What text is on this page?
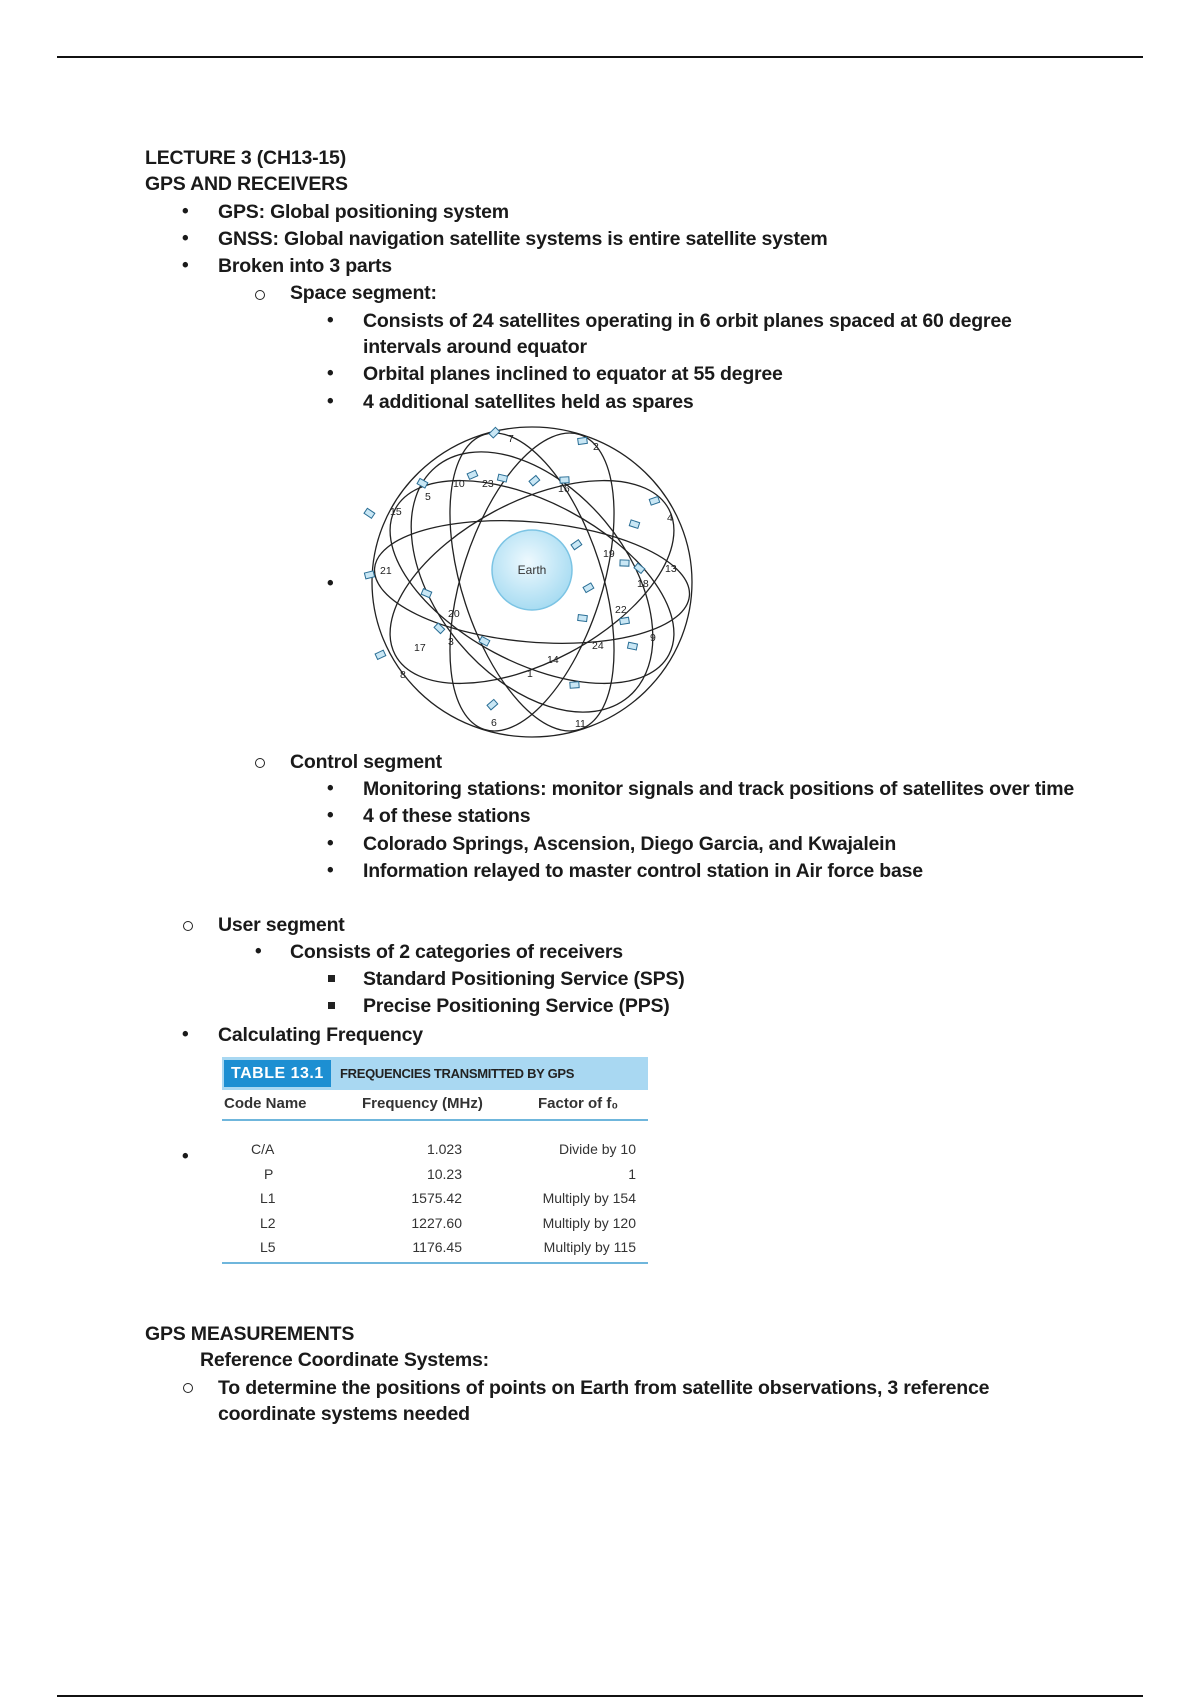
LECTURE 3 (CH13-15)
GPS AND RECEIVERS
• GPS: Global positioning system
• GNSS: Global navigation satellite systems is entire satellite system
• Broken into 3 parts
Space segment:
• Consists of 24 satellites operating in 6 orbit planes spaced at 60 degree
intervals around equator
• Orbital planes inclined to equator at 55 degree
• 4 additional satellites held as spares
•
Earth
7
2
10 23	16
5
15	4
19
21	13
18
22
20
3	24
9
17
14
8	1
6	11
Control segment
• Monitoring stations: monitor signals and track positions of satellites over time
• 4 of these stations
• Colorado Springs, Ascension, Diego Garcia, and Kwajalein
• Information relayed to master control station in Air force base
User segment
• Consists of 2 categories of receivers
Standard Positioning Service (SPS)
Precise Positioning Service (PPS)
• Calculating Frequency
•
TABLE 13.1	FREQUENCIES TRANSMITTED BY GPS
Code Name	Frequency (MHz)	Factor of f₀
C/A	1.023	Divide by 10
P	10.23	1
L1	1575.42	Multiply by 154
L2	1227.60	Multiply by 120
L5	1176.45	Multiply by 115
GPS MEASUREMENTS
Reference Coordinate Systems:
To determine the positions of points on Earth from satellite observations, 3 reference
coordinate systems needed
